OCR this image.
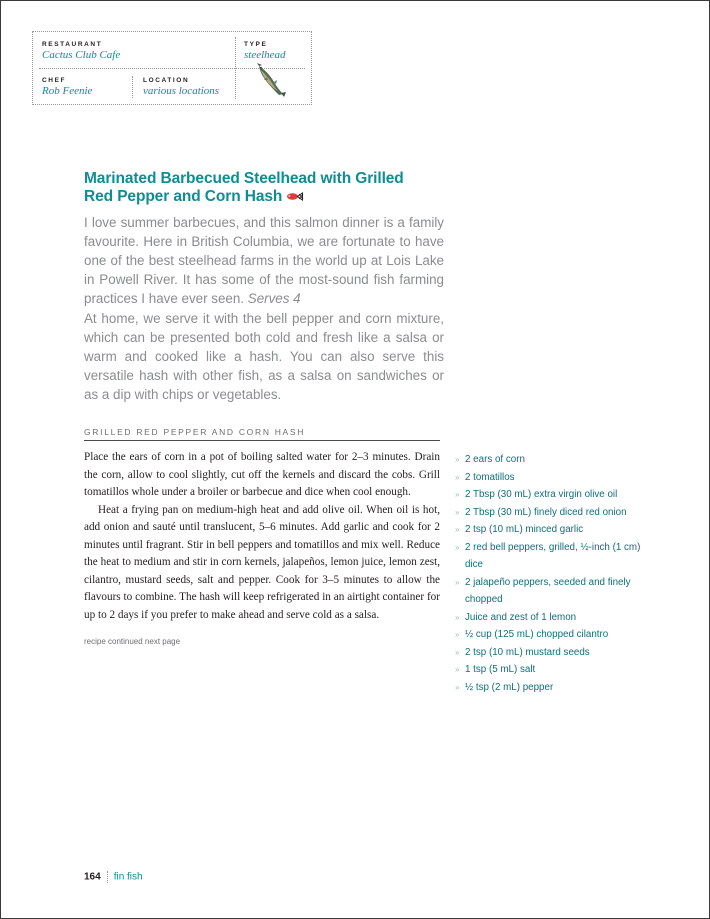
RESTAURANT
Cactus Club Cafe
TYPE
steelhead
CHEF
Rob Feenie
LOCATION
various locations
Marinated Barbecued Steelhead with Grilled
Red Pepper and Corn Hash

I love summer barbecues, and this salmon dinner is a family favourite. Here in British Columbia, we are fortunate to have one of the best steelhead farms in the world up at Lois Lake in Powell River. It has some of the most-sound fish farming practices I have ever seen. Serves 4

At home, we serve it with the bell pepper and corn mixture, which can be presented both cold and fresh like a salsa or warm and cooked like a hash. You can also serve this versatile hash with other fish, as a salsa on sandwiches or as a dip with chips or vegetables.

GRILLED RED PEPPER AND CORN HASH

Place the ears of corn in a pot of boiling salted water for 2–3 minutes. Drain the corn, allow to cool slightly, cut off the kernels and discard the cobs. Grill tomatillos whole under a broiler or barbecue and dice when cool enough.

Heat a frying pan on medium-high heat and add olive oil. When oil is hot, add onion and sauté until translucent, 5–6 minutes. Add garlic and cook for 2 minutes until fragrant. Stir in bell peppers and tomatillos and mix well. Reduce the heat to medium and stir in corn kernels, jalapeños, lemon juice, lemon zest, cilantro, mustard seeds, salt and pepper. Cook for 3–5 minutes to allow the flavours to combine. The hash will keep refrigerated in an airtight container for up to 2 days if you prefer to make ahead and serve cold as a salsa.

recipe continued next page
» 2 ears of corn
» 2 tomatillos
» 2 Tbsp (30 mL) extra virgin olive oil
» 2 Tbsp (30 mL) finely diced red onion
» 2 tsp (10 mL) minced garlic
» 2 red bell peppers, grilled, ½-inch (1 cm) dice
» 2 jalapeño peppers, seeded and finely chopped
» Juice and zest of 1 lemon
» ½ cup (125 mL) chopped cilantro
» 2 tsp (10 mL) mustard seeds
» 1 tsp (5 mL) salt
» ½ tsp (2 mL) pepper
164 fin fish
